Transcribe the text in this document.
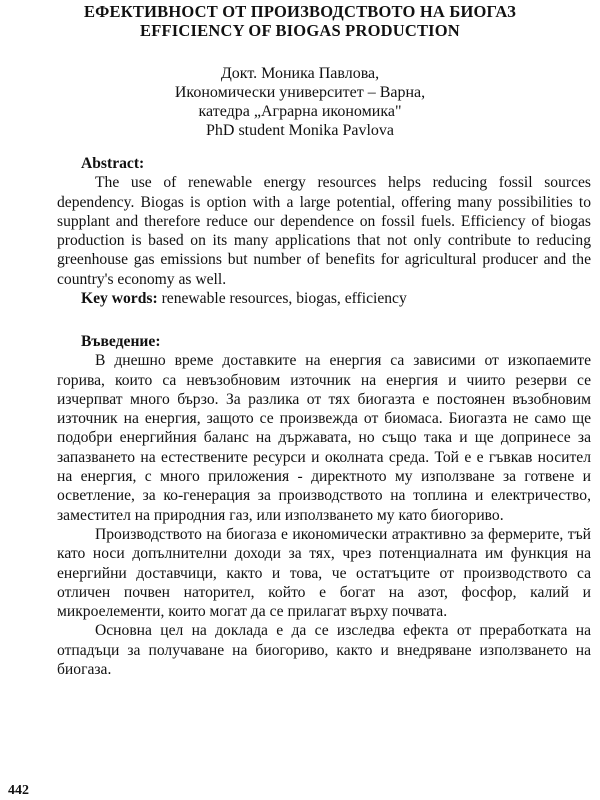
ЕФЕКТИВНОСТ ОТ ПРОИЗВОДСТВОТО НА БИОГАЗ
EFFICIENCY OF BIOGAS PRODUCTION
Докт. Моника Павлова,
Икономически университет – Варна,
катедра „Аграрна икономика"
PhD student Monika Pavlova
Abstract:

The use of renewable energy resources helps reducing fossil sources dependency. Biogas is option with a large potential, offering many possibilities to supplant and therefore reduce our dependence on fossil fuels. Efficiency of biogas production is based on its many applications that not only contribute to reducing greenhouse gas emissions but number of benefits for agricultural producer and the country's economy as well.

Key words: renewable resources, biogas, efficiency
Въведение:

В днешно време доставките на енергия са зависими от изкопаемите горива, които са невъзобновим източник на енергия и чиито резерви се изчерпват много бързо. За разлика от тях биогазта е постоянен възобновим източник на енергия, защото се произвежда от биомаса. Биогазта не само ще подобри енергийния баланс на държавата, но също така и ще допринесе за запазването на естествените ресурси и околната среда. Той е е гъвкав носител на енергия, с много приложения - директното му използване за готвене и осветление, за ко-генерация за производството на топлина и електричество, заместител на природния газ, или използването му като биогориво.

Производството на биогаза е икономически атрактивно за фермерите, тъй като носи допълнителни доходи за тях, чрез потенциалната им функция на енергийни доставчици, както и това, че остатъците от производството са отличен почвен наторител, който е богат на азот, фосфор, калий и микроелементи, които могат да се прилагат върху почвата.

Основна цел на доклада е да се изследва ефекта от преработката на отпадъци за получаване на биогориво, както и внедряване използването на биогаза.

442
